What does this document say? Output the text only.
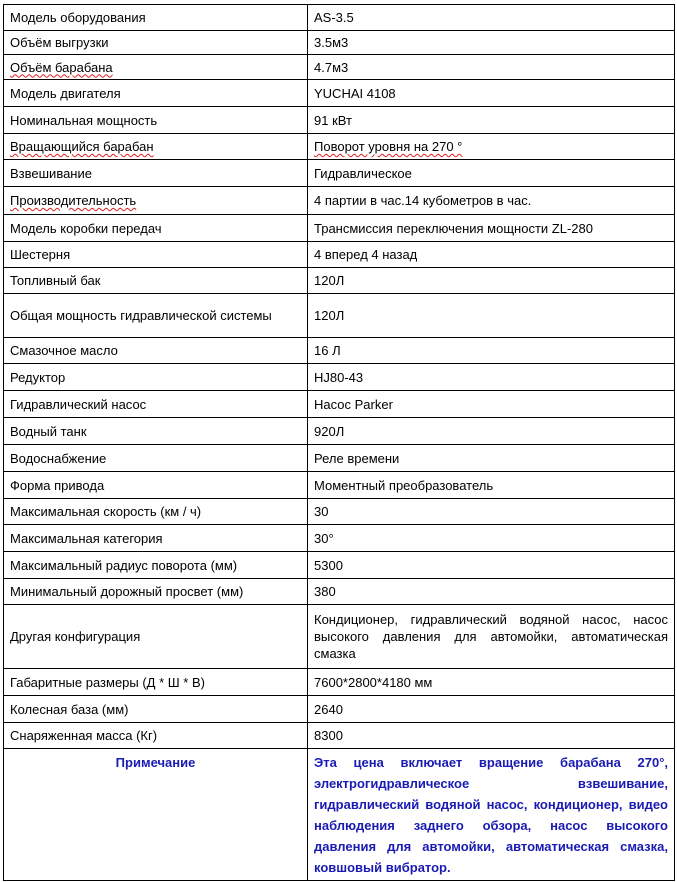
Модель оборудования	AS-3.5
Объём выгрузки	3.5м3
Объём барабана	4.7м3
Модель двигателя	YUCHAI 4108
Номинальная мощность	91 кВт
Вращающийся барабан	Поворот уровня на 270 °
Взвешивание	Гидравлическое
Производительность	4 партии в час.14 кубометров в час.
Модель коробки передач	Трансмиссия переключения мощности ZL-280
Шестерня	4 вперед 4 назад
Топливный бак	120Л
Общая мощность гидравлической системы	120Л
Смазочное масло	16 Л
Редуктор	HJ80-43
Гидравлический насос	Насос Parker
Водный танк	920Л
Водоснабжение	Реле времени
Форма привода	Моментный преобразователь
Максимальная скорость (км / ч)	30
Максимальная категория	30°
Максимальный радиус поворота (мм)	5300
Минимальный дорожный просвет (мм)	380
Другая конфигурация	Кондиционер, гидравлический водяной насос, насос высокого давления для автомойки, автоматическая смазка
Габаритные размеры (Д * Ш * В)	7600*2800*4180 мм
Колесная база (мм)	2640
Снаряженная масса (Кг)	8300
Примечание	Эта цена включает вращение барабана 270°, электрогидравлическое взвешивание, гидравлический водяной насос, кондиционер, видео наблюдения заднего обзора, насос высокого давления для автомойки, автоматическая смазка, ковшовый вибратор.
